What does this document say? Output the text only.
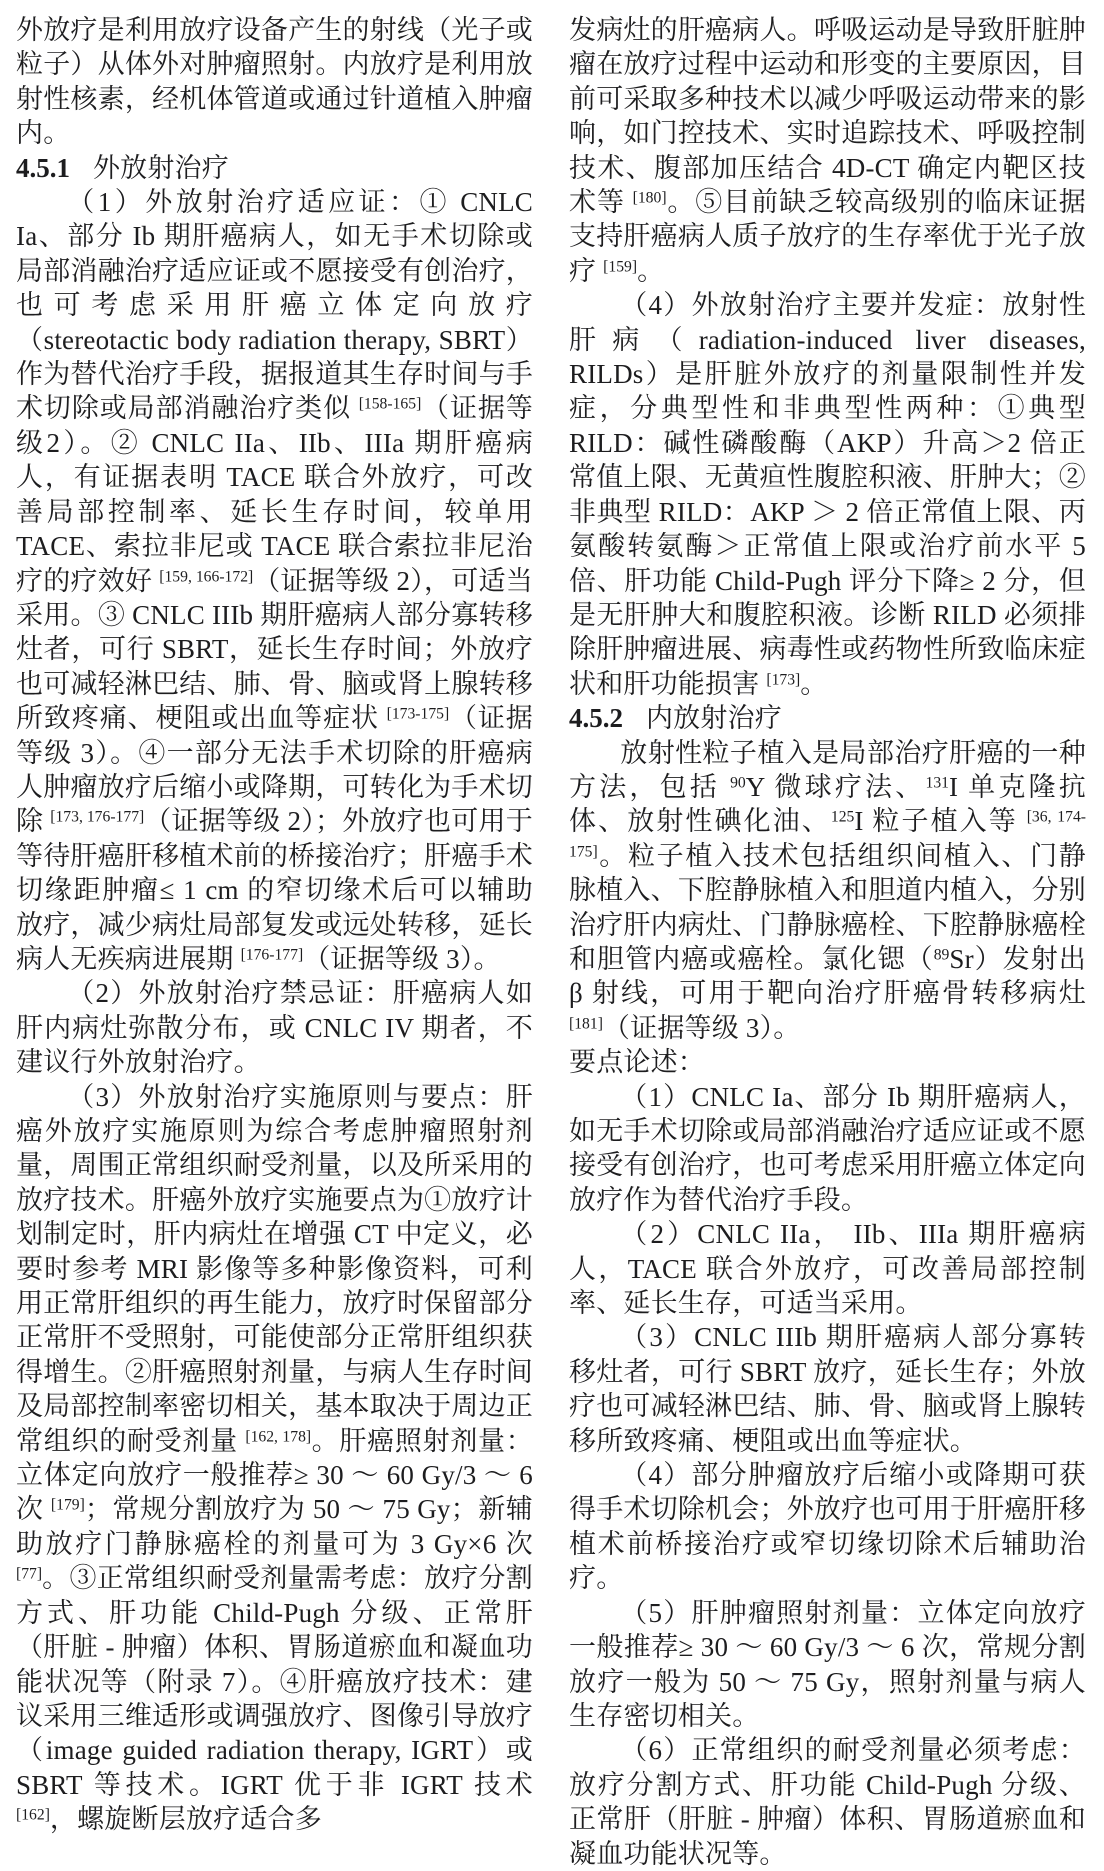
外放疗是利用放疗设备产生的射线（光子或粒子）从体外对肿瘤照射。内放疗是利用放射性核素，经机体管道或通过针道植入肿瘤内。
4.5.1 外放射治疗
（1）外放射治疗适应证：① CNLC Ia、部分 Ib 期肝癌病人，如无手术切除或局部消融治疗适应证或不愿接受有创治疗，也可考虑采用肝癌立体定向放疗（stereotactic body radiation therapy, SBRT）作为替代治疗手段，据报道其生存时间与手术切除或局部消融治疗类似 [158-165]（证据等级2）。② CNLC IIa、IIb、IIIa 期肝癌病人，有证据表明 TACE 联合外放疗，可改善局部控制率、延长生存时间，较单用 TACE、索拉非尼或 TACE 联合索拉非尼治疗的疗效好 [159, 166-172]（证据等级 2），可适当采用。③ CNLC IIIb 期肝癌病人部分寡转移灶者，可行 SBRT，延长生存时间；外放疗也可减轻淋巴结、肺、骨、脑或肾上腺转移所致疼痛、梗阻或出血等症状 [173-175]（证据等级 3）。④一部分无法手术切除的肝癌病人肿瘤放疗后缩小或降期，可转化为手术切除 [173, 176-177]（证据等级 2）；外放疗也可用于等待肝癌肝移植术前的桥接治疗；肝癌手术切缘距肿瘤≤ 1 cm 的窄切缘术后可以辅助放疗，减少病灶局部复发或远处转移，延长病人无疾病进展期 [176-177]（证据等级 3）。
（2）外放射治疗禁忌证：肝癌病人如肝内病灶弥散分布，或 CNLC IV 期者，不建议行外放射治疗。
（3）外放射治疗实施原则与要点：肝癌外放疗实施原则为综合考虑肿瘤照射剂量，周围正常组织耐受剂量，以及所采用的放疗技术。肝癌外放疗实施要点为①放疗计划制定时，肝内病灶在增强 CT 中定义，必要时参考 MRI 影像等多种影像资料，可利用正常肝组织的再生能力，放疗时保留部分正常肝不受照射，可能使部分正常肝组织获得增生。②肝癌照射剂量，与病人生存时间及局部控制率密切相关，基本取决于周边正常组织的耐受剂量 [162, 178]。肝癌照射剂量：立体定向放疗一般推荐≥ 30 ～ 60 Gy/3 ～ 6 次 [179]；常规分割放疗为 50 ～ 75 Gy；新辅助放疗门静脉癌栓的剂量可为 3 Gy×6 次 [77]。③正常组织耐受剂量需考虑：放疗分割方式、肝功能 Child-Pugh 分级、正常肝（肝脏 - 肿瘤）体积、胃肠道瘀血和凝血功能状况等（附录 7）。④肝癌放疗技术：建议采用三维适形或调强放疗、图像引导放疗（image guided radiation therapy, IGRT）或 SBRT 等技术。IGRT 优于非 IGRT 技术 [162]，螺旋断层放疗适合多
发病灶的肝癌病人。呼吸运动是导致肝脏肿瘤在放疗过程中运动和形变的主要原因，目前可采取多种技术以减少呼吸运动带来的影响，如门控技术、实时追踪技术、呼吸控制技术、腹部加压结合 4D-CT 确定内靶区技术等 [180]。⑤目前缺乏较高级别的临床证据支持肝癌病人质子放疗的生存率优于光子放疗 [159]。
（4）外放射治疗主要并发症：放射性肝病（radiation-induced liver diseases, RILDs）是肝脏外放疗的剂量限制性并发症，分典型性和非典型性两种：①典型 RILD：碱性磷酸酶（AKP）升高＞2 倍正常值上限、无黄疸性腹腔积液、肝肿大；②非典型 RILD：AKP ＞ 2 倍正常值上限、丙氨酸转氨酶＞正常值上限或治疗前水平 5 倍、肝功能 Child-Pugh 评分下降≥ 2 分，但是无肝肿大和腹腔积液。诊断 RILD 必须排除肝肿瘤进展、病毒性或药物性所致临床症状和肝功能损害 [173]。
4.5.2 内放射治疗
放射性粒子植入是局部治疗肝癌的一种方法，包括 $^{90}$Y 微球疗法、$^{131}$I 单克隆抗体、放射性碘化油、$^{125}$I 粒子植入等 [36, 174-175]。粒子植入技术包括组织间植入、门静脉植入、下腔静脉植入和胆道内植入，分别治疗肝内病灶、门静脉癌栓、下腔静脉癌栓和胆管内癌或癌栓。氯化锶（$^{89}$Sr）发射出 β 射线，可用于靶向治疗肝癌骨转移病灶 [181]（证据等级 3）。
要点论述：
（1）CNLC Ia、部分 Ib 期肝癌病人，如无手术切除或局部消融治疗适应证或不愿接受有创治疗，也可考虑采用肝癌立体定向放疗作为替代治疗手段。
（2）CNLC IIa， IIb、IIIa 期肝癌病人，TACE 联合外放疗，可改善局部控制率、延长生存，可适当采用。
（3）CNLC IIIb 期肝癌病人部分寡转移灶者，可行 SBRT 放疗，延长生存；外放疗也可减轻淋巴结、肺、骨、脑或肾上腺转移所致疼痛、梗阻或出血等症状。
（4）部分肿瘤放疗后缩小或降期可获得手术切除机会；外放疗也可用于肝癌肝移植术前桥接治疗或窄切缘切除术后辅助治疗。
（5）肝肿瘤照射剂量：立体定向放疗一般推荐≥ 30 ～ 60 Gy/3 ～ 6 次，常规分割放疗一般为 50 ～ 75 Gy，照射剂量与病人生存密切相关。
（6）正常组织的耐受剂量必须考虑：放疗分割方式、肝功能 Child-Pugh 分级、正常肝（肝脏 - 肿瘤）体积、胃肠道瘀血和凝血功能状况等。
